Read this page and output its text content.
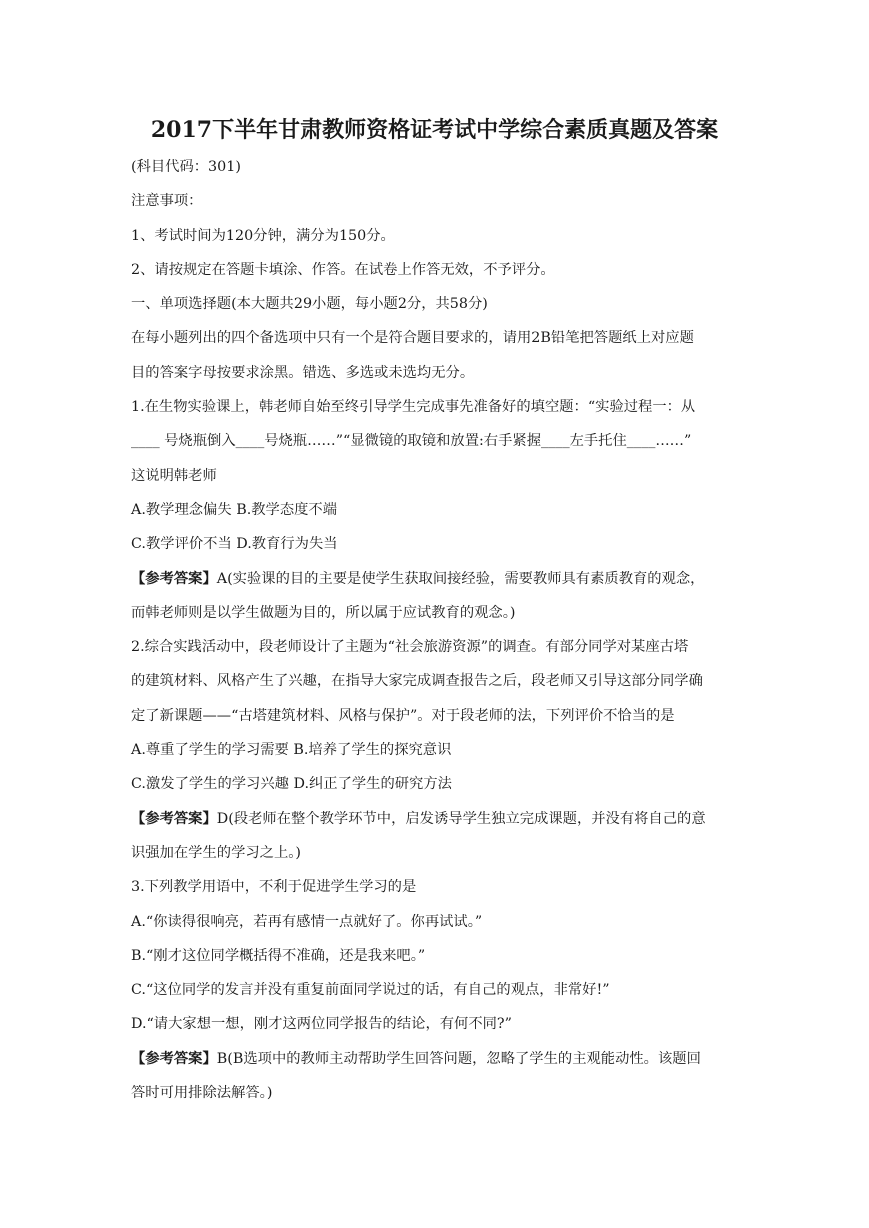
2017下半年甘肃教师资格证考试中学综合素质真题及答案

(科目代码：301)

注意事项：

1、考试时间为120分钟，满分为150分。

2、请按规定在答题卡填涂、作答。在试卷上作答无效，不予评分。

一、单项选择题(本大题共29小题，每小题2分，共58分)

在每小题列出的四个备选项中只有一个是符合题目要求的，请用2B铅笔把答题纸上对应题

目的答案字母按要求涂黑。错选、多选或未选均无分。

1.在生物实验课上，韩老师自始至终引导学生完成事先准备好的填空题：“实验过程一：从

____ 号烧瓶倒入____号烧瓶……”“显微镜的取镜和放置:右手紧握____左手托住____……”

这说明韩老师

A.教学理念偏失 B.教学态度不端

C.教学评价不当 D.教育行为失当

【参考答案】A(实验课的目的主要是使学生获取间接经验，需要教师具有素质教育的观念，

而韩老师则是以学生做题为目的，所以属于应试教育的观念。)

2.综合实践活动中，段老师设计了主题为“社会旅游资源”的调查。有部分同学对某座古塔

的建筑材料、风格产生了兴趣，在指导大家完成调查报告之后，段老师又引导这部分同学确

定了新课题——“古塔建筑材料、风格与保护”。对于段老师的法，下列评价不恰当的是

A.尊重了学生的学习需要 B.培养了学生的探究意识

C.激发了学生的学习兴趣 D.纠正了学生的研究方法

【参考答案】D(段老师在整个教学环节中，启发诱导学生独立完成课题，并没有将自己的意

识强加在学生的学习之上。)

3.下列教学用语中，不利于促进学生学习的是

A.“你读得很响亮，若再有感情一点就好了。你再试试。”

B.“刚才这位同学概括得不准确，还是我来吧。”

C.“这位同学的发言并没有重复前面同学说过的话，有自己的观点，非常好!”

D.“请大家想一想，刚才这两位同学报告的结论，有何不同?”

【参考答案】B(B选项中的教师主动帮助学生回答问题，忽略了学生的主观能动性。该题回

答时可用排除法解答。)
